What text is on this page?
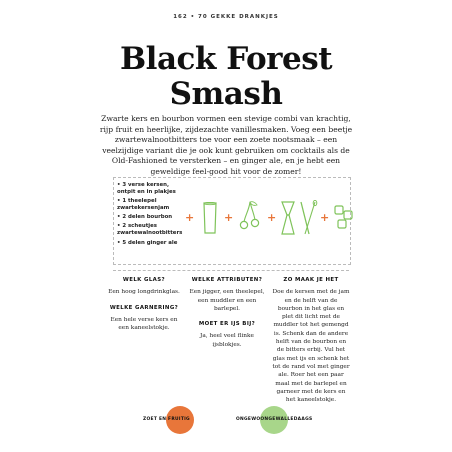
162 • 70 GEKKE DRANKJES
Black Forest
Smash
Zwarte kers en bourbon vormen een stevige combi van krachtig, rijp fruit en heerlijke, zijdezachte vanillesmaken. Voeg een beetje zwartewalnootbitters toe voor een zoete nootsmaak – een veelzijdige variant die je ook kunt gebruiken om cocktails als de Old-Fashioned te versterken – en ginger ale, en je hebt een geweldige feel-good hit voor de zomer!
• 3 verse kersen, ontpit en in plakjes
• 1 theelepel zwartekersenjam
• 2 delen bourbon
• 2 scheutjes zwartewalnootbitters
• 5 delen ginger ale
+	+	+	+
WELK GLAS?

Een hoog longdrinkglas.

WELKE GARNERING?

Een hele verse kers en een kaneelstokje.

WELKE ATTRIBUTEN?

Een jigger, een theelepel, een muddler en een barlepel.

MOET ER IJS BIJ?

Ja, heel veel flinke ijsblokjes.

ZO MAAK JE HET

Doe de kersen met de jam en de helft van de bourbon in het glas en plet dit licht met de muddler tot het gemengd is. Schenk dan de andere helft van de bourbon en de bitters erbij. Vul het glas met ijs en schenk het tot de rand vol met ginger ale. Roer het een paar maal met de barlepel en garneer met de kers en het kaneelstokje.

ZOET EN FRUITIG	ONGEWOONGEWALLEDAAGS
